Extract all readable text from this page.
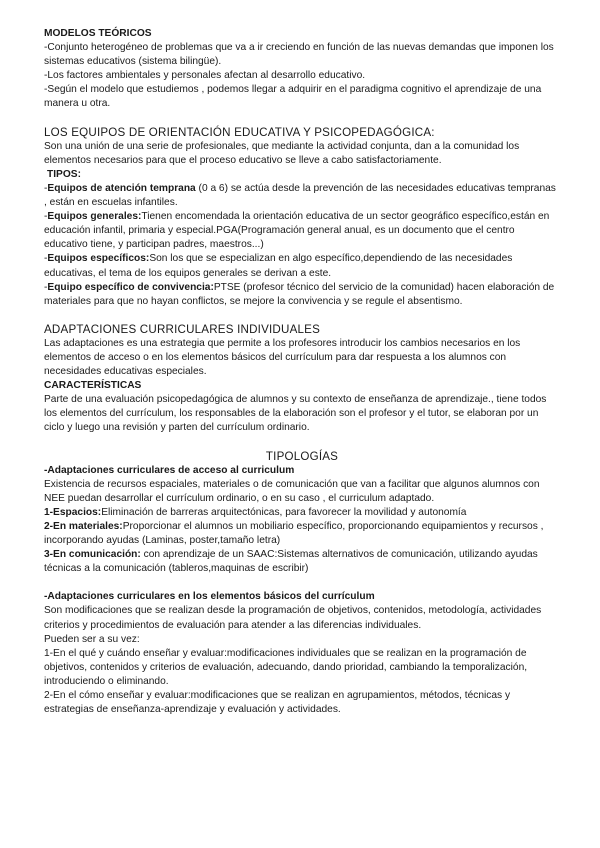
MODELOS TEÓRICOS

-Conjunto heterogéneo de problemas que va a ir creciendo en función de las nuevas demandas que imponen los sistemas educativos (sistema bilingüe).

-Los factores ambientales y personales afectan al desarrollo educativo.

-Según el modelo que estudiemos , podemos llegar a adquirir en el paradigma cognitivo el aprendizaje de una manera u otra.

LOS EQUIPOS DE ORIENTACIÓN EDUCATIVA Y PSICOPEDAGÓGICA:

Son una unión de una serie de profesionales, que mediante la actividad conjunta, dan a la comunidad los elementos necesarios para que el proceso educativo se lleve a cabo satisfactoriamente.

TIPOS:

-Equipos de atención temprana (0 a 6) se actúa desde la prevención de las necesidades educativas tempranas , están en escuelas infantiles.

-Equipos generales:Tienen encomendada la orientación educativa de un sector geográfico específico,están en educación infantil, primaria y especial.PGA(Programación general anual, es un documento que el centro educativo tiene, y participan padres, maestros...)

-Equipos específicos:Son los que se especializan en algo específico,dependiendo de las necesidades educativas, el tema de los equipos generales se derivan a este.

-Equipo específico de convivencia:PTSE (profesor técnico del servicio de la comunidad) hacen elaboración de materiales para que no hayan conflictos, se mejore la convivencia y se regule el absentismo.

ADAPTACIONES CURRICULARES INDIVIDUALES

Las adaptaciones es una estrategia que permite a los profesores introducir los cambios necesarios en los elementos de acceso o en los elementos básicos del currículum para dar respuesta a los alumnos con necesidades educativas especiales.

CARACTERÍSTICAS

Parte de una evaluación psicopedagógica de alumnos y su contexto de enseñanza de aprendizaje., tiene todos los elementos del currículum, los responsables de la elaboración son el profesor y el tutor, se elaboran por un ciclo y luego una revisión y parten del currículum ordinario.

TIPOLOGÍAS

-Adaptaciones curriculares de acceso al curriculum

Existencia de recursos espaciales, materiales o de comunicación que van a facilitar que algunos alumnos con NEE puedan desarrollar el currículum ordinario, o en su caso , el curriculum adaptado.

1-Espacios:Eliminación de barreras arquitectónicas, para favorecer la movilidad y autonomía

2-En materiales:Proporcionar el alumnos un mobiliario específico, proporcionando equipamientos y recursos , incorporando ayudas (Laminas, poster,tamaño letra)

3-En comunicación: con aprendizaje de un SAAC:Sistemas alternativos de comunicación, utilizando ayudas técnicas a la comunicación (tableros,maquinas de escribir)

-Adaptaciones curriculares en los elementos básicos del currículum

Son modificaciones que se realizan desde la programación de objetivos, contenidos, metodología, actividades criterios y procedimientos de evaluación para atender a las diferencias individuales.

Pueden ser a su vez:

1-En el qué y cuándo enseñar y evaluar:modificaciones individuales que se realizan en la programación de objetivos, contenidos y criterios de evaluación, adecuando, dando prioridad, cambiando la temporalización, introduciendo o eliminando.

2-En el cómo enseñar y evaluar:modificaciones que se realizan en agrupamientos, métodos, técnicas y estrategias de enseñanza-aprendizaje y evaluación y actividades.
